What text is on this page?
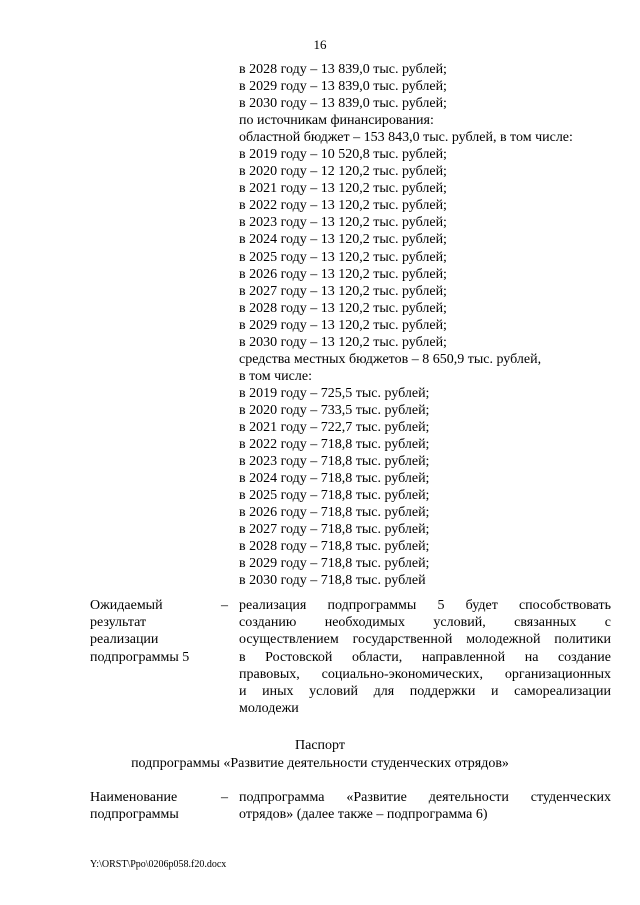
16
в 2028 году – 13 839,0 тыс. рублей;
в 2029 году – 13 839,0 тыс. рублей;
в 2030 году – 13 839,0 тыс. рублей;
по источникам финансирования:
областной бюджет – 153 843,0 тыс. рублей, в том числе:
в 2019 году – 10 520,8 тыс. рублей;
в 2020 году – 12 120,2 тыс. рублей;
в 2021 году – 13 120,2 тыс. рублей;
в 2022 году – 13 120,2 тыс. рублей;
в 2023 году – 13 120,2 тыс. рублей;
в 2024 году – 13 120,2 тыс. рублей;
в 2025 году – 13 120,2 тыс. рублей;
в 2026 году – 13 120,2 тыс. рублей;
в 2027 году – 13 120,2 тыс. рублей;
в 2028 году – 13 120,2 тыс. рублей;
в 2029 году – 13 120,2 тыс. рублей;
в 2030 году – 13 120,2 тыс. рублей;
средства местных бюджетов – 8 650,9 тыс. рублей,
в том числе:
в 2019 году – 725,5 тыс. рублей;
в 2020 году – 733,5 тыс. рублей;
в 2021 году – 722,7 тыс. рублей;
в 2022 году – 718,8 тыс. рублей;
в 2023 году – 718,8 тыс. рублей;
в 2024 году – 718,8 тыс. рублей;
в 2025 году – 718,8 тыс. рублей;
в 2026 году – 718,8 тыс. рублей;
в 2027 году – 718,8 тыс. рублей;
в 2028 году – 718,8 тыс. рублей;
в 2029 году – 718,8 тыс. рублей;
в 2030 году – 718,8 тыс. рублей
Ожидаемый
результат
реализации
подпрограммы 5
– реализация подпрограммы 5 будет способствовать
созданию необходимых условий, связанных с
осуществлением государственной молодежной политики
в Ростовской области, направленной на создание
правовых, социально-экономических, организационных
и иных условий для поддержки и самореализации
молодежи
Паспорт
подпрограммы «Развитие деятельности студенческих отрядов»
Наименование
подпрограммы
– подпрограмма «Развитие деятельности студенческих
отрядов» (далее также – подпрограмма 6)
Y:\ORST\Ppo\0206p058.f20.docx
